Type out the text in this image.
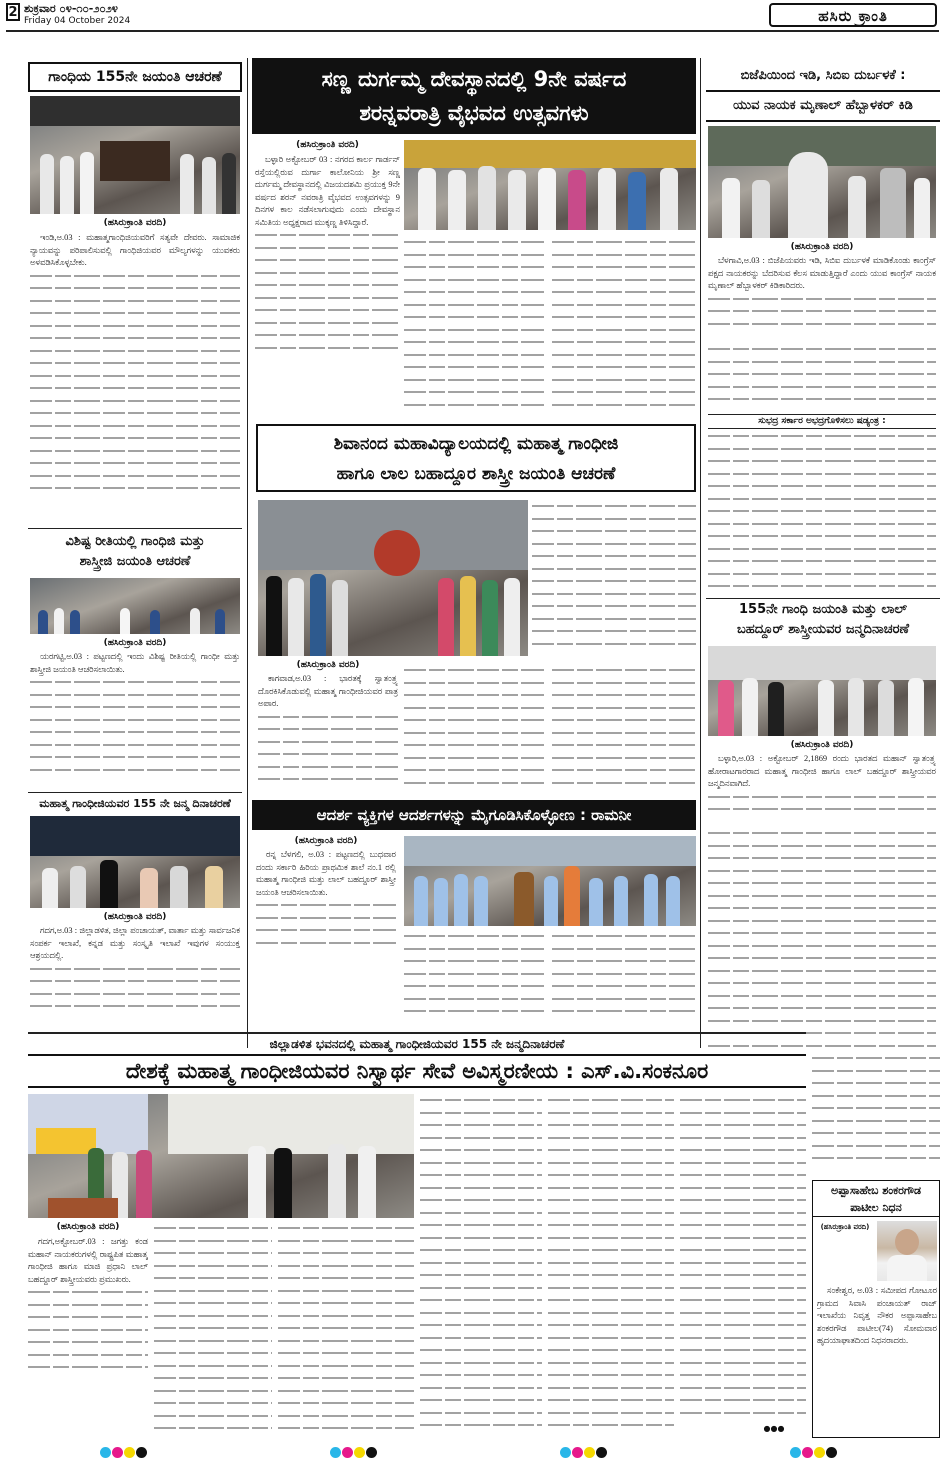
2 ಶುಕ್ರವಾರ ೦೪-೧೦-೨೦೨೪
Friday 04 October 2024	ಹಸಿರು ಕ್ರಾಂತಿ
ಗಾಂಧಿಯ 155ನೇ ಜಯಂತಿ ಆಚರಣೆ
(ಹಸಿರುಕ್ರಾಂತಿ ವರದಿ)

ಇಂಡಿ,ಅ.03 : ಮಹಾತ್ಮಗಾಂಧಿಜಿಯವರಿಗೆ ಸತ್ಯವೇ ದೇವರು. ಸಾಮಾಜಿಕ ನ್ಯಾಯವನ್ನು ಪರಿಪಾಲಿಸುವಲ್ಲಿ ಗಾಂಧಿಜಿಯವರ ಮೌಲ್ಯಗಳನ್ನು ಯುವಕರು ಅಳವಡಿಸಿಕೊಳ್ಳಬೇಕು.

ವಿಶಿಷ್ಟ ರೀತಿಯಲ್ಲಿ ಗಾಂಧಿಜಿ ಮತ್ತು
ಶಾಸ್ತ್ರೀಜಿ ಜಯಂತಿ ಆಚರಣೆ
(ಹಸಿರುಕ್ರಾಂತಿ ವರದಿ)

ಯರಗಟ್ಟಿ,ಅ.03 : ಪಟ್ಟಣದಲ್ಲಿ ಇಂದು ವಿಶಿಷ್ಟ ರೀತಿಯಲ್ಲಿ ಗಾಂಧೀ ಮತ್ತು ಶಾಸ್ತ್ರೀಜಿ ಜಯಂತಿ ಆಚರಿಸಲಾಯಿತು.

ಮಹಾತ್ಮ ಗಾಂಧೀಜಿಯವರ 155 ನೇ ಜನ್ಮ ದಿನಾಚರಣೆ
(ಹಸಿರುಕ್ರಾಂತಿ ವರದಿ)

ಗದಗ,ಅ.03 : ಜಿಲ್ಲಾಡಳಿತ, ಜಿಲ್ಲಾ ಪಂಚಾಯತ್, ವಾರ್ತಾ ಮತ್ತು ಸಾರ್ವಜನಿಕ ಸಂಪರ್ಕ ಇಲಾಖೆ, ಕನ್ನಡ ಮತ್ತು ಸಂಸ್ಕೃತಿ ಇಲಾಖೆ ಇವುಗಳ ಸಂಯುಕ್ತ ಆಶ್ರಯದಲ್ಲಿ.

ಸಣ್ಣ ದುರ್ಗಮ್ಮ ದೇವಸ್ಥಾನದಲ್ಲಿ 9ನೇ ವರ್ಷದ
ಶರನ್ನವರಾತ್ರಿ ವೈಭವದ ಉತ್ಸವಗಳು
(ಹಸಿರುಕ್ರಾಂತಿ ವರದಿ)

ಬಳ್ಳಾರಿ ಅಕ್ಟೋಬರ್ 03 : ನಗರದ ಕಾರ್ಲ ಗಾರ್ಡನ್ ರಸ್ತೆಯಲ್ಲಿರುವ ದುರ್ಗಾ ಕಾಲೋನಿಯ ಶ್ರೀ ಸಣ್ಣ ದುರ್ಗಮ್ಮ ದೇವಸ್ಥಾನದಲ್ಲಿ ವಿಜಯದಶಮಿ ಪ್ರಯುಕ್ತ 9ನೇ ವರ್ಷದ ಶರನ್ ನವರಾತ್ರಿ ವೈಭವದ ಉತ್ಸವಗಳನ್ನು 9 ದಿನಗಳ ಕಾಲ ನಡೆಸಲಾಗುವುದು ಎಂದು ದೇವಸ್ಥಾನ ಸಮಿತಿಯ ಅಧ್ಯಕ್ಷರಾದ ಮುಕ್ಕಣ್ಣ ತಿಳಿಸಿದ್ದಾರೆ.

ಶಿವಾನಂದ ಮಹಾವಿದ್ಯಾಲಯದಲ್ಲಿ ಮಹಾತ್ಮ ಗಾಂಧೀಜಿ
ಹಾಗೂ ಲಾಲ ಬಹಾದ್ದೂರ ಶಾಸ್ತ್ರೀ ಜಯಂತಿ ಆಚರಣೆ
(ಹಸಿರುಕ್ರಾಂತಿ ವರದಿ)

ಕಾಗವಾಡ,ಅ.03 : ಭಾರತಕ್ಕೆ ಸ್ವಾತಂತ್ರ್ಯ ದೊರಕಿಸಿಕೊಡುವಲ್ಲಿ ಮಹಾತ್ಮ ಗಾಂಧೀಜಿಯವರ ಪಾತ್ರ ಅಪಾರ.

ಆದರ್ಶ ವ್ಯಕ್ತಿಗಳ ಆದರ್ಶಗಳನ್ನು ಮೈಗೂಡಿಸಿಕೊಳ್ಳೋಣ : ರಾಮನೀ
(ಹಸಿರುಕ್ರಾಂತಿ ವರದಿ)

ರನ್ನ ಬೆಳಗಲಿ, ಅ.03 : ಪಟ್ಟಣದಲ್ಲಿ ಬುಧವಾರ ದಂದು ಸರ್ಕಾರಿ ಹಿರಿಯ ಪ್ರಾಥಮಿಕ ಶಾಲೆ ನಂ.1 ರಲ್ಲಿ ಮಹಾತ್ಮ ಗಾಂಧೀಜಿ ಮತ್ತು ಲಾಲ್ ಬಹದ್ದೂರ್ ಶಾಸ್ತ್ರೀ ಜಯಂತಿ ಆಚರಿಸಲಾಯಿತು.

ಬಿಜೆಪಿಯಿಂದ ಇಡಿ, ಸಿಬಿಐ ದುರ್ಬಳಕೆ :
ಯುವ ನಾಯಕ ಮೃಣಾಲ್ ಹೆಬ್ಬಾಳಕರ್ ಕಿಡಿ
(ಹಸಿರುಕ್ರಾಂತಿ ವರದಿ)

ಬೆಳಗಾವಿ,ಅ.03 : ಬಿಜೆಪಿಯವರು ಇಡಿ, ಸಿಬಿಐ ದುರ್ಬಳಕೆ ಮಾಡಿಕೊಂಡು ಕಾಂಗ್ರೆಸ್ ಪಕ್ಷದ ನಾಯಕರನ್ನು ಬೆದರಿಸುವ ಕೆಲಸ ಮಾಡುತ್ತಿದ್ದಾರೆ ಎಂದು ಯುವ ಕಾಂಗ್ರೆಸ್ ನಾಯಕ ಮೃಣಾಲ್ ಹೆಬ್ಬಾಳಕರ್ ಕಿಡಿಕಾರಿದರು.

ಸುಭದ್ರ ಸರ್ಕಾರ ಅಭದ್ರಗೊಳಿಸಲು ಷಡ್ಯಂತ್ರ :
155ನೇ ಗಾಂಧಿ ಜಯಂತಿ ಮತ್ತು ಲಾಲ್
ಬಹದ್ದೂರ್ ಶಾಸ್ತ್ರೀಯವರ ಜನ್ಮದಿನಾಚರಣೆ
(ಹಸಿರುಕ್ರಾಂತಿ ವರದಿ)

ಬಳ್ಳಾರಿ,ಅ.03 : ಅಕ್ಟೋಬರ್ 2,1869 ರಂದು ಭಾರತದ ಮಹಾನ್ ಸ್ವಾತಂತ್ರ್ಯ ಹೋರಾಟಗಾರರಾದ ಮಹಾತ್ಮ ಗಾಂಧೀಜಿ ಹಾಗೂ ಲಾಲ್ ಬಹದ್ದೂರ್ ಶಾಸ್ತ್ರೀಯವರ ಜನ್ಮದಿನವಾಗಿದೆ.

ಜಿಲ್ಲಾಡಳಿತ ಭವನದಲ್ಲಿ ಮಹಾತ್ಮ ಗಾಂಧೀಜಿಯವರ 155 ನೇ ಜನ್ಮದಿನಾಚರಣೆ
ದೇಶಕ್ಕೆ ಮಹಾತ್ಮ ಗಾಂಧೀಜಿಯವರ ನಿಸ್ವಾರ್ಥ ಸೇವೆ ಅವಿಸ್ಮರಣೀಯ : ಎಸ್.ವಿ.ಸಂಕನೂರ
(ಹಸಿರುಕ್ರಾಂತಿ ವರದಿ)

ಗದಗ,ಅಕ್ಟೋಬರ್.03 : ಜಗತ್ತು ಕಂಡ ಮಹಾನ್ ನಾಯಕರುಗಳಲ್ಲಿ ರಾಷ್ಟ್ರಪಿತ ಮಹಾತ್ಮ ಗಾಂಧೀಜಿ ಹಾಗೂ ಮಾಜಿ ಪ್ರಧಾನಿ ಲಾಲ್ ಬಹದ್ದೂರ್ ಶಾಸ್ತ್ರೀಯವರು ಪ್ರಮುಖರು.

●●●
ಅಪ್ಪಾಸಾಹೇಬ ಶಂಕರಗೌಡ
ಪಾಟೀಲ ನಿಧನ
(ಹಸಿರುಕ್ರಾಂತಿ ವರದಿ)

ಸಂಕೇಶ್ವರ, ಅ.03 : ಸಮೀಪದ ಗೋಟೂರ ಗ್ರಾಮದ ಸಿವಾಸಿ ಪಂಚಾಯತ್ ರಾಜ್ ಇಲಾಖೆಯ ನಿವೃತ್ತ ನೌಕರ ಅಪ್ಪಾಸಾಹೇಬ ಶಂಕರಗೌಡ ಪಾಟೀಲ(74) ಸೋಮವಾರ ಹೃದಯಾಘಾತದಿಂದ ನಿಧನರಾದರು.
